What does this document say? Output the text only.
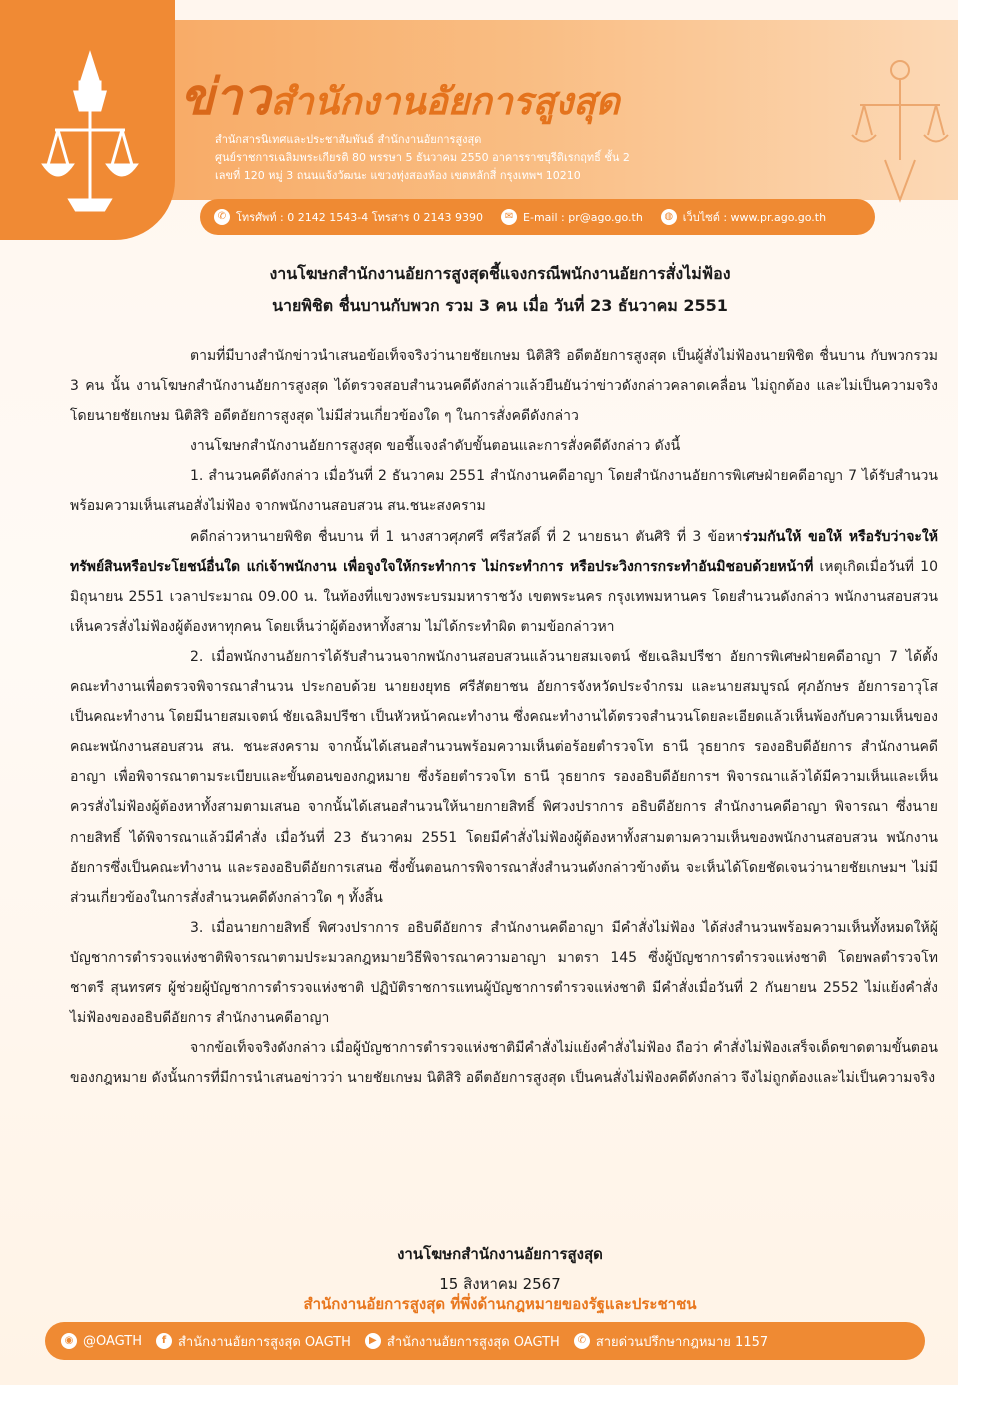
ข่าวสำนักงานอัยการสูงสุด
สำนักสารนิเทศและประชาสัมพันธ์ สำนักงานอัยการสูงสุด
ศูนย์ราชการเฉลิมพระเกียรติ 80 พรรษา 5 ธันวาคม 2550 อาคารราชบุรีดิเรกฤทธิ์ ชั้น 2
เลขที่ 120 หมู่ 3 ถนนแจ้งวัฒนะ แขวงทุ่งสองห้อง เขตหลักสี่ กรุงเทพฯ 10210
✆ โทรศัพท์ : 0 2142 1543-4 โทรสาร 0 2143 9390	✉ E-mail : pr@ago.go.th	◍ เว็บไซต์ : www.pr.ago.go.th
งานโฆษกสำนักงานอัยการสูงสุดชี้แจงกรณีพนักงานอัยการสั่งไม่ฟ้อง
นายพิชิต ชื่นบานกับพวก รวม 3 คน เมื่อ วันที่ 23 ธันวาคม 2551

ตามที่มีบางสำนักข่าวนำเสนอข้อเท็จจริงว่านายชัยเกษม นิติสิริ อดีตอัยการสูงสุด เป็นผู้สั่งไม่ฟ้องนายพิชิต ชื่นบาน กับพวกรวม 3 คน นั้น งานโฆษกสำนักงานอัยการสูงสุด ได้ตรวจสอบสำนวนคดีดังกล่าวแล้วยืนยันว่าข่าวดังกล่าวคลาดเคลื่อน ไม่ถูกต้อง และไม่เป็นความจริง โดยนายชัยเกษม นิติสิริ อดีตอัยการสูงสุด ไม่มีส่วนเกี่ยวข้องใด ๆ ในการสั่งคดีดังกล่าว

งานโฆษกสำนักงานอัยการสูงสุด ขอชี้แจงลำดับขั้นตอนและการสั่งคดีดังกล่าว ดังนี้

1. สำนวนคดีดังกล่าว เมื่อวันที่ 2 ธันวาคม 2551 สำนักงานคดีอาญา โดยสำนักงานอัยการพิเศษฝ่ายคดีอาญา 7 ได้รับสำนวนพร้อมความเห็นเสนอสั่งไม่ฟ้อง จากพนักงานสอบสวน สน.ชนะสงคราม

คดีกล่าวหานายพิชิต ชื่นบาน ที่ 1 นางสาวศุภศรี ศรีสวัสดิ์ ที่ 2 นายธนา ตันศิริ ที่ 3 ข้อหาร่วมกันให้ ขอให้ หรือรับว่าจะให้ทรัพย์สินหรือประโยชน์อื่นใด แก่เจ้าพนักงาน เพื่อจูงใจให้กระทำการ ไม่กระทำการ หรือประวิงการกระทำอันมิชอบด้วยหน้าที่ เหตุเกิดเมื่อวันที่ 10 มิถุนายน 2551 เวลาประมาณ 09.00 น. ในท้องที่แขวงพระบรมมหาราชวัง เขตพระนคร กรุงเทพมหานคร โดยสำนวนดังกล่าว พนักงานสอบสวน เห็นควรสั่งไม่ฟ้องผู้ต้องหาทุกคน โดยเห็นว่าผู้ต้องหาทั้งสาม ไม่ได้กระทำผิด ตามข้อกล่าวหา

2. เมื่อพนักงานอัยการได้รับสำนวนจากพนักงานสอบสวนแล้วนายสมเจตน์ ชัยเฉลิมปรีชา อัยการพิเศษฝ่ายคดีอาญา 7 ได้ตั้งคณะทำงานเพื่อตรวจพิจารณาสำนวน ประกอบด้วย นายยงยุทธ ศรีสัตยาชน อัยการจังหวัดประจำกรม และนายสมบูรณ์ ศุภอักษร อัยการอาวุโส เป็นคณะทำงาน โดยมีนายสมเจตน์ ชัยเฉลิมปรีชา เป็นหัวหน้าคณะทำงาน ซึ่งคณะทำงานได้ตรวจสำนวนโดยละเอียดแล้วเห็นพ้องกับความเห็นของคณะพนักงานสอบสวน สน. ชนะสงคราม จากนั้นได้เสนอสำนวนพร้อมความเห็นต่อร้อยตำรวจโท ธานี วุธยากร รองอธิบดีอัยการ สำนักงานคดีอาญา เพื่อพิจารณาตามระเบียบและขั้นตอนของกฎหมาย ซึ่งร้อยตำรวจโท ธานี วุธยากร รองอธิบดีอัยการฯ พิจารณาแล้วได้มีความเห็นและเห็นควรสั่งไม่ฟ้องผู้ต้องหาทั้งสามตามเสนอ จากนั้นได้เสนอสำนวนให้นายกายสิทธิ์ พิศวงปราการ อธิบดีอัยการ สำนักงานคดีอาญา พิจารณา ซึ่งนายกายสิทธิ์ ได้พิจารณาแล้วมีคำสั่ง เมื่อวันที่ 23 ธันวาคม 2551 โดยมีคำสั่งไม่ฟ้องผู้ต้องหาทั้งสามตามความเห็นของพนักงานสอบสวน พนักงานอัยการซึ่งเป็นคณะทำงาน และรองอธิบดีอัยการเสนอ ซึ่งขั้นตอนการพิจารณาสั่งสำนวนดังกล่าวข้างต้น จะเห็นได้โดยชัดเจนว่านายชัยเกษมฯ ไม่มีส่วนเกี่ยวข้องในการสั่งสำนวนคดีดังกล่าวใด ๆ ทั้งสิ้น

3. เมื่อนายกายสิทธิ์ พิศวงปราการ อธิบดีอัยการ สำนักงานคดีอาญา มีคำสั่งไม่ฟ้อง ได้ส่งสำนวนพร้อมความเห็นทั้งหมดให้ผู้บัญชาการตำรวจแห่งชาติพิจารณาตามประมวลกฎหมายวิธีพิจารณาความอาญา มาตรา 145 ซึ่งผู้บัญชาการตำรวจแห่งชาติ โดยพลตำรวจโท ชาตรี สุนทรศร ผู้ช่วยผู้บัญชาการตำรวจแห่งชาติ ปฏิบัติราชการแทนผู้บัญชาการตำรวจแห่งชาติ มีคำสั่งเมื่อวันที่ 2 กันยายน 2552 ไม่แย้งคำสั่งไม่ฟ้องของอธิบดีอัยการ สำนักงานคดีอาญา

จากข้อเท็จจริงดังกล่าว เมื่อผู้บัญชาการตำรวจแห่งชาติมีคำสั่งไม่แย้งคำสั่งไม่ฟ้อง ถือว่า คำสั่งไม่ฟ้องเสร็จเด็ดขาดตามขั้นตอนของกฎหมาย ดังนั้นการที่มีการนำเสนอข่าวว่า นายชัยเกษม นิติสิริ อดีตอัยการสูงสุด เป็นคนสั่งไม่ฟ้องคดีดังกล่าว จึงไม่ถูกต้องและไม่เป็นความจริง

งานโฆษกสำนักงานอัยการสูงสุด
15 สิงหาคม 2567
สำนักงานอัยการสูงสุด ที่พึ่งด้านกฎหมายของรัฐและประชาชน
◉ @OAGTH	f สำนักงานอัยการสูงสุด OAGTH	▶ สำนักงานอัยการสูงสุด OAGTH	✆ สายด่วนปรึกษากฎหมาย 1157
